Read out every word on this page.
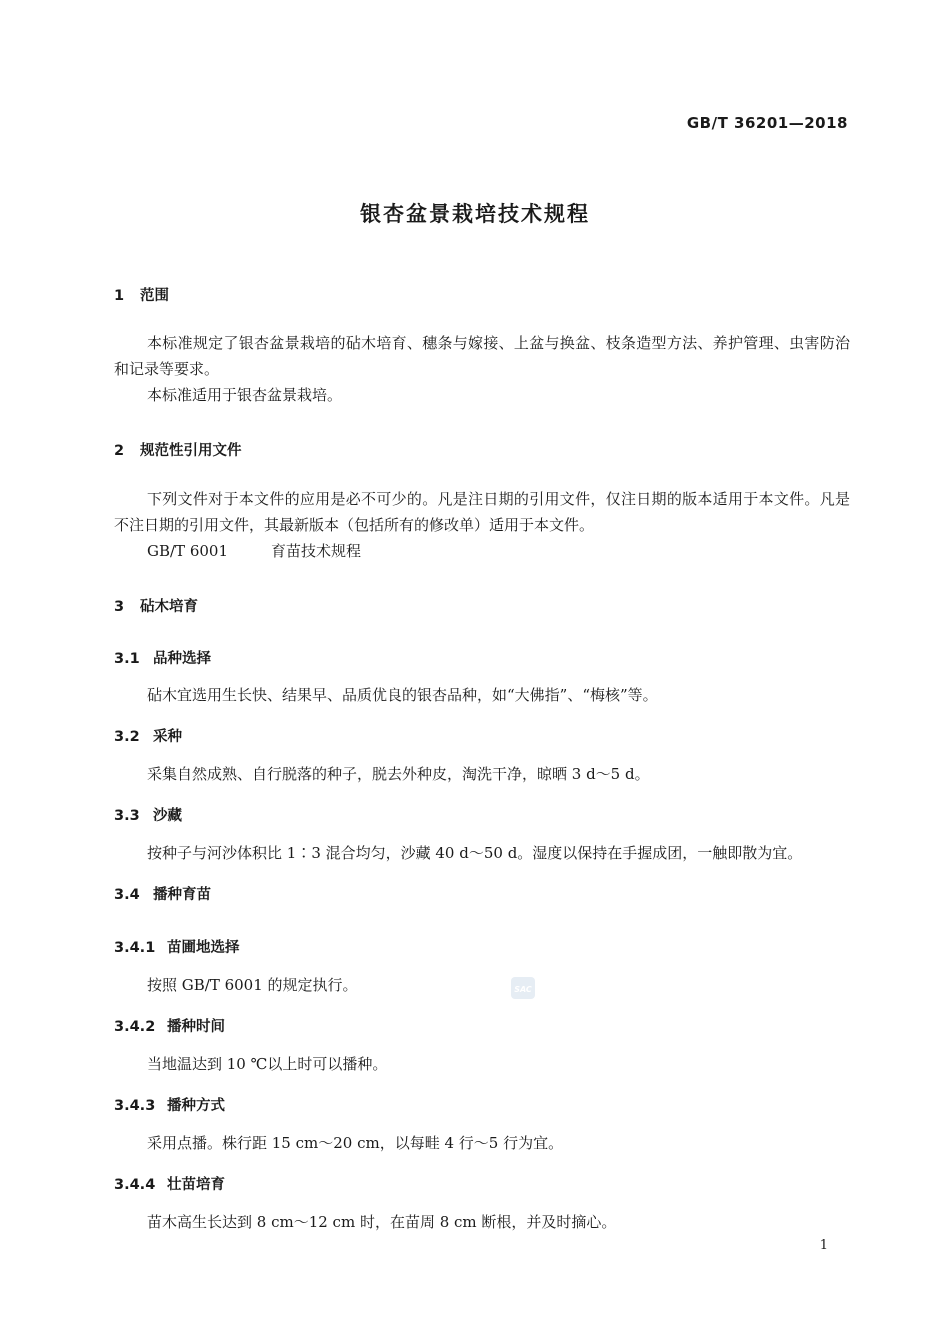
GB/T 36201—2018
银杏盆景栽培技术规程
1 范围
本标准规定了银杏盆景栽培的砧木培育、穗条与嫁接、上盆与换盆、枝条造型方法、养护管理、虫害防治和记录等要求。
本标准适用于银杏盆景栽培。
2 规范性引用文件
下列文件对于本文件的应用是必不可少的。凡是注日期的引用文件，仅注日期的版本适用于本文件。凡是不注日期的引用文件，其最新版本（包括所有的修改单）适用于本文件。
GB/T 6001	育苗技术规程
3 砧木培育
3.1 品种选择
砧木宜选用生长快、结果早、品质优良的银杏品种，如“大佛指”、“梅核”等。
3.2 采种
采集自然成熟、自行脱落的种子，脱去外种皮，淘洗干净，晾晒 3 d～5 d。
3.3 沙藏
按种子与河沙体积比 1∶3 混合均匀，沙藏 40 d～50 d。湿度以保持在手握成团，一触即散为宜。
3.4 播种育苗
3.4.1 苗圃地选择
按照 GB/T 6001 的规定执行。
3.4.2 播种时间
当地温达到 10 ℃以上时可以播种。
3.4.3 播种方式
采用点播。株行距 15 cm～20 cm，以每畦 4 行～5 行为宜。
3.4.4 壮苗培育
苗木高生长达到 8 cm～12 cm 时，在苗周 8 cm 断根，并及时摘心。
SAC
1
